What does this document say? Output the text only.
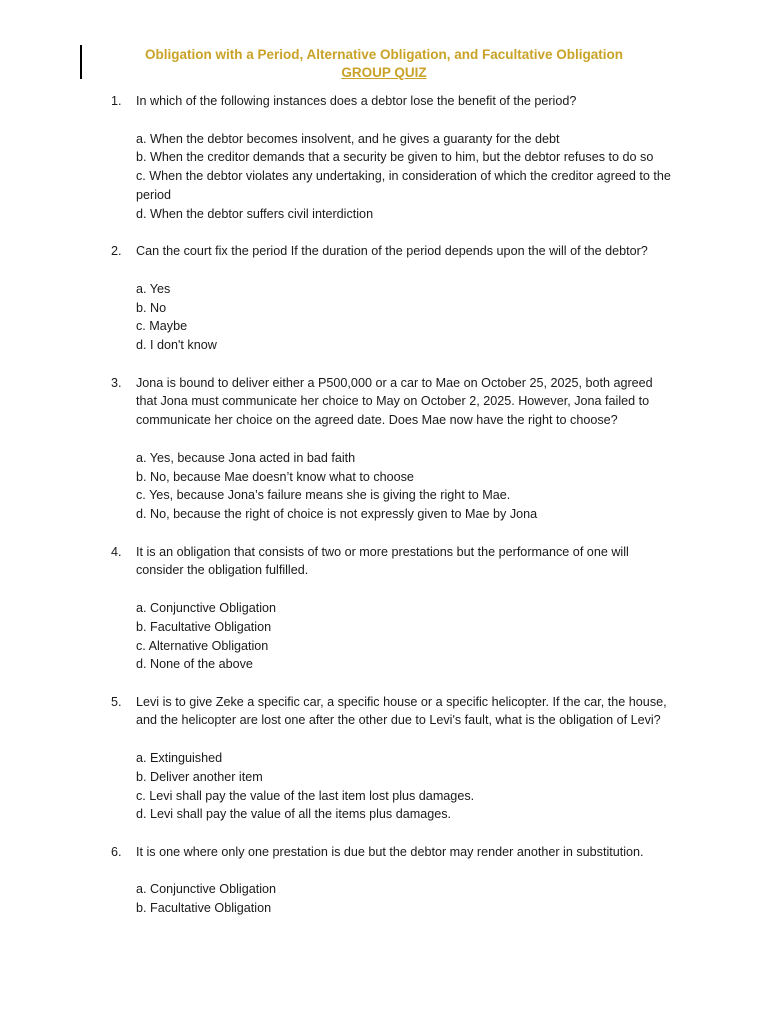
Obligation with a Period, Alternative Obligation, and Facultative Obligation
GROUP QUIZ
1.	In which of the following instances does a debtor lose the benefit of the period?
a. When the debtor becomes insolvent, and he gives a guaranty for the debt
b. When the creditor demands that a security be given to him, but the debtor refuses to do so
c. When the debtor violates any undertaking, in consideration of which the creditor agreed to the period
d. When the debtor suffers civil interdiction
2.	Can the court fix the period If the duration of the period depends upon the will of the debtor?
a. Yes
b. No
c. Maybe
d. I don't know
3.	Jona is bound to deliver either a P500,000 or a car to Mae on October 25, 2025, both agreed that Jona must communicate her choice to May on October 2, 2025. However, Jona failed to communicate her choice on the agreed date. Does Mae now have the right to choose?
a. Yes, because Jona acted in bad faith
b. No, because Mae doesn’t know what to choose
c. Yes, because Jona’s failure means she is giving the right to Mae.
d. No, because the right of choice is not expressly given to Mae by Jona
4.	It is an obligation that consists of two or more prestations but the performance of one will consider the obligation fulfilled.
a. Conjunctive Obligation
b. Facultative Obligation
c. Alternative Obligation
d. None of the above
5.	Levi is to give Zeke a specific car, a specific house or a specific helicopter. If the car, the house, and the helicopter are lost one after the other due to Levi's fault, what is the obligation of Levi?
a. Extinguished
b. Deliver another item
c. Levi shall pay the value of the last item lost plus damages.
d. Levi shall pay the value of all the items plus damages.
6.	It is one where only one prestation is due but the debtor may render another in substitution.
a. Conjunctive Obligation
b. Facultative Obligation
